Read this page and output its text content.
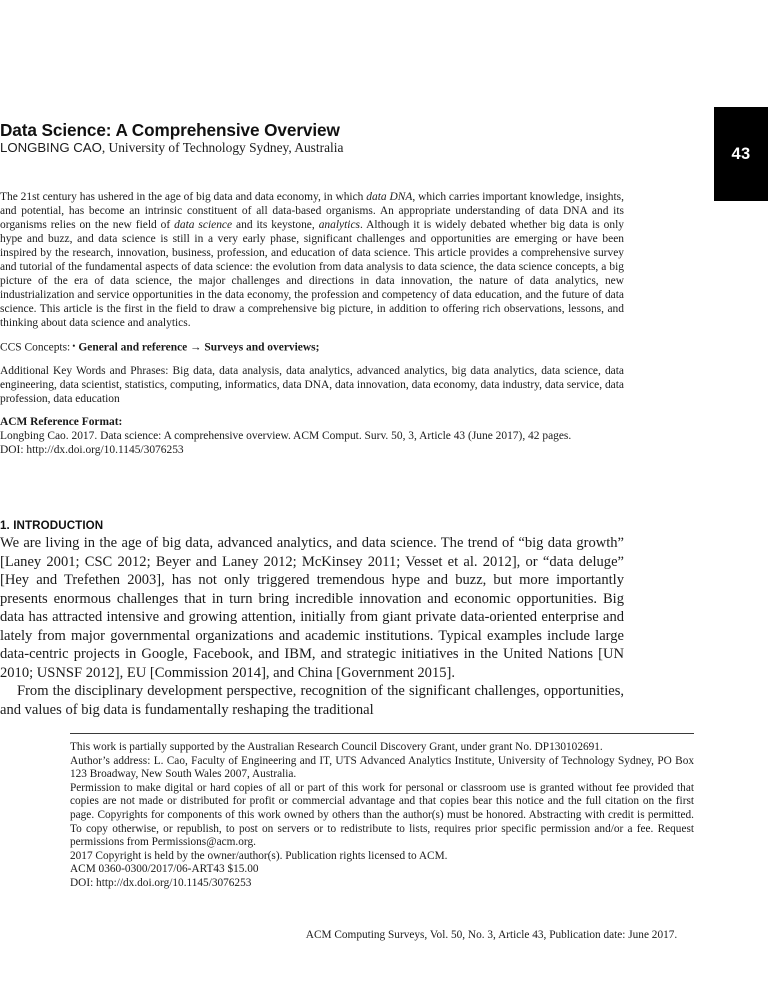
43
Data Science: A Comprehensive Overview
LONGBING CAO, University of Technology Sydney, Australia

The 21st century has ushered in the age of big data and data economy, in which data DNA, which carries important knowledge, insights, and potential, has become an intrinsic constituent of all data-based organisms. An appropriate understanding of data DNA and its organisms relies on the new field of data science and its keystone, analytics. Although it is widely debated whether big data is only hype and buzz, and data science is still in a very early phase, significant challenges and opportunities are emerging or have been inspired by the research, innovation, business, profession, and education of data science. This article provides a comprehensive survey and tutorial of the fundamental aspects of data science: the evolution from data analysis to data science, the data science concepts, a big picture of the era of data science, the major challenges and directions in data innovation, the nature of data analytics, new industrialization and service opportunities in the data economy, the profession and competency of data education, and the future of data science. This article is the first in the field to draw a comprehensive big picture, in addition to offering rich observations, lessons, and thinking about data science and analytics.

CCS Concepts: • General and reference → Surveys and overviews;

Additional Key Words and Phrases: Big data, data analysis, data analytics, advanced analytics, big data analytics, data science, data engineering, data scientist, statistics, computing, informatics, data DNA, data innovation, data economy, data industry, data service, data profession, data education

ACM Reference Format:

Longbing Cao. 2017. Data science: A comprehensive overview. ACM Comput. Surv. 50, 3, Article 43 (June 2017), 42 pages.

DOI: http://dx.doi.org/10.1145/3076253

1. INTRODUCTION

We are living in the age of big data, advanced analytics, and data science. The trend of “big data growth” [Laney 2001; CSC 2012; Beyer and Laney 2012; McKinsey 2011; Vesset et al. 2012], or “data deluge” [Hey and Trefethen 2003], has not only triggered tremendous hype and buzz, but more importantly presents enormous challenges that in turn bring incredible innovation and economic opportunities. Big data has attracted intensive and growing attention, initially from giant private data-oriented enterprise and lately from major governmental organizations and academic institutions. Typical examples include large data-centric projects in Google, Facebook, and IBM, and strategic initiatives in the United Nations [UN 2010; USNSF 2012], EU [Commission 2014], and China [Government 2015].

From the disciplinary development perspective, recognition of the significant challenges, opportunities, and values of big data is fundamentally reshaping the traditional

This work is partially supported by the Australian Research Council Discovery Grant, under grant No. DP130102691.

Author’s address: L. Cao, Faculty of Engineering and IT, UTS Advanced Analytics Institute, University of Technology Sydney, PO Box 123 Broadway, New South Wales 2007, Australia.

Permission to make digital or hard copies of all or part of this work for personal or classroom use is granted without fee provided that copies are not made or distributed for profit or commercial advantage and that copies bear this notice and the full citation on the first page. Copyrights for components of this work owned by others than the author(s) must be honored. Abstracting with credit is permitted. To copy otherwise, or republish, to post on servers or to redistribute to lists, requires prior specific permission and/or a fee. Request permissions from Permissions@acm.org.

2017 Copyright is held by the owner/author(s). Publication rights licensed to ACM.

ACM 0360-0300/2017/06-ART43 $15.00

DOI: http://dx.doi.org/10.1145/3076253

ACM Computing Surveys, Vol. 50, No. 3, Article 43, Publication date: June 2017.
